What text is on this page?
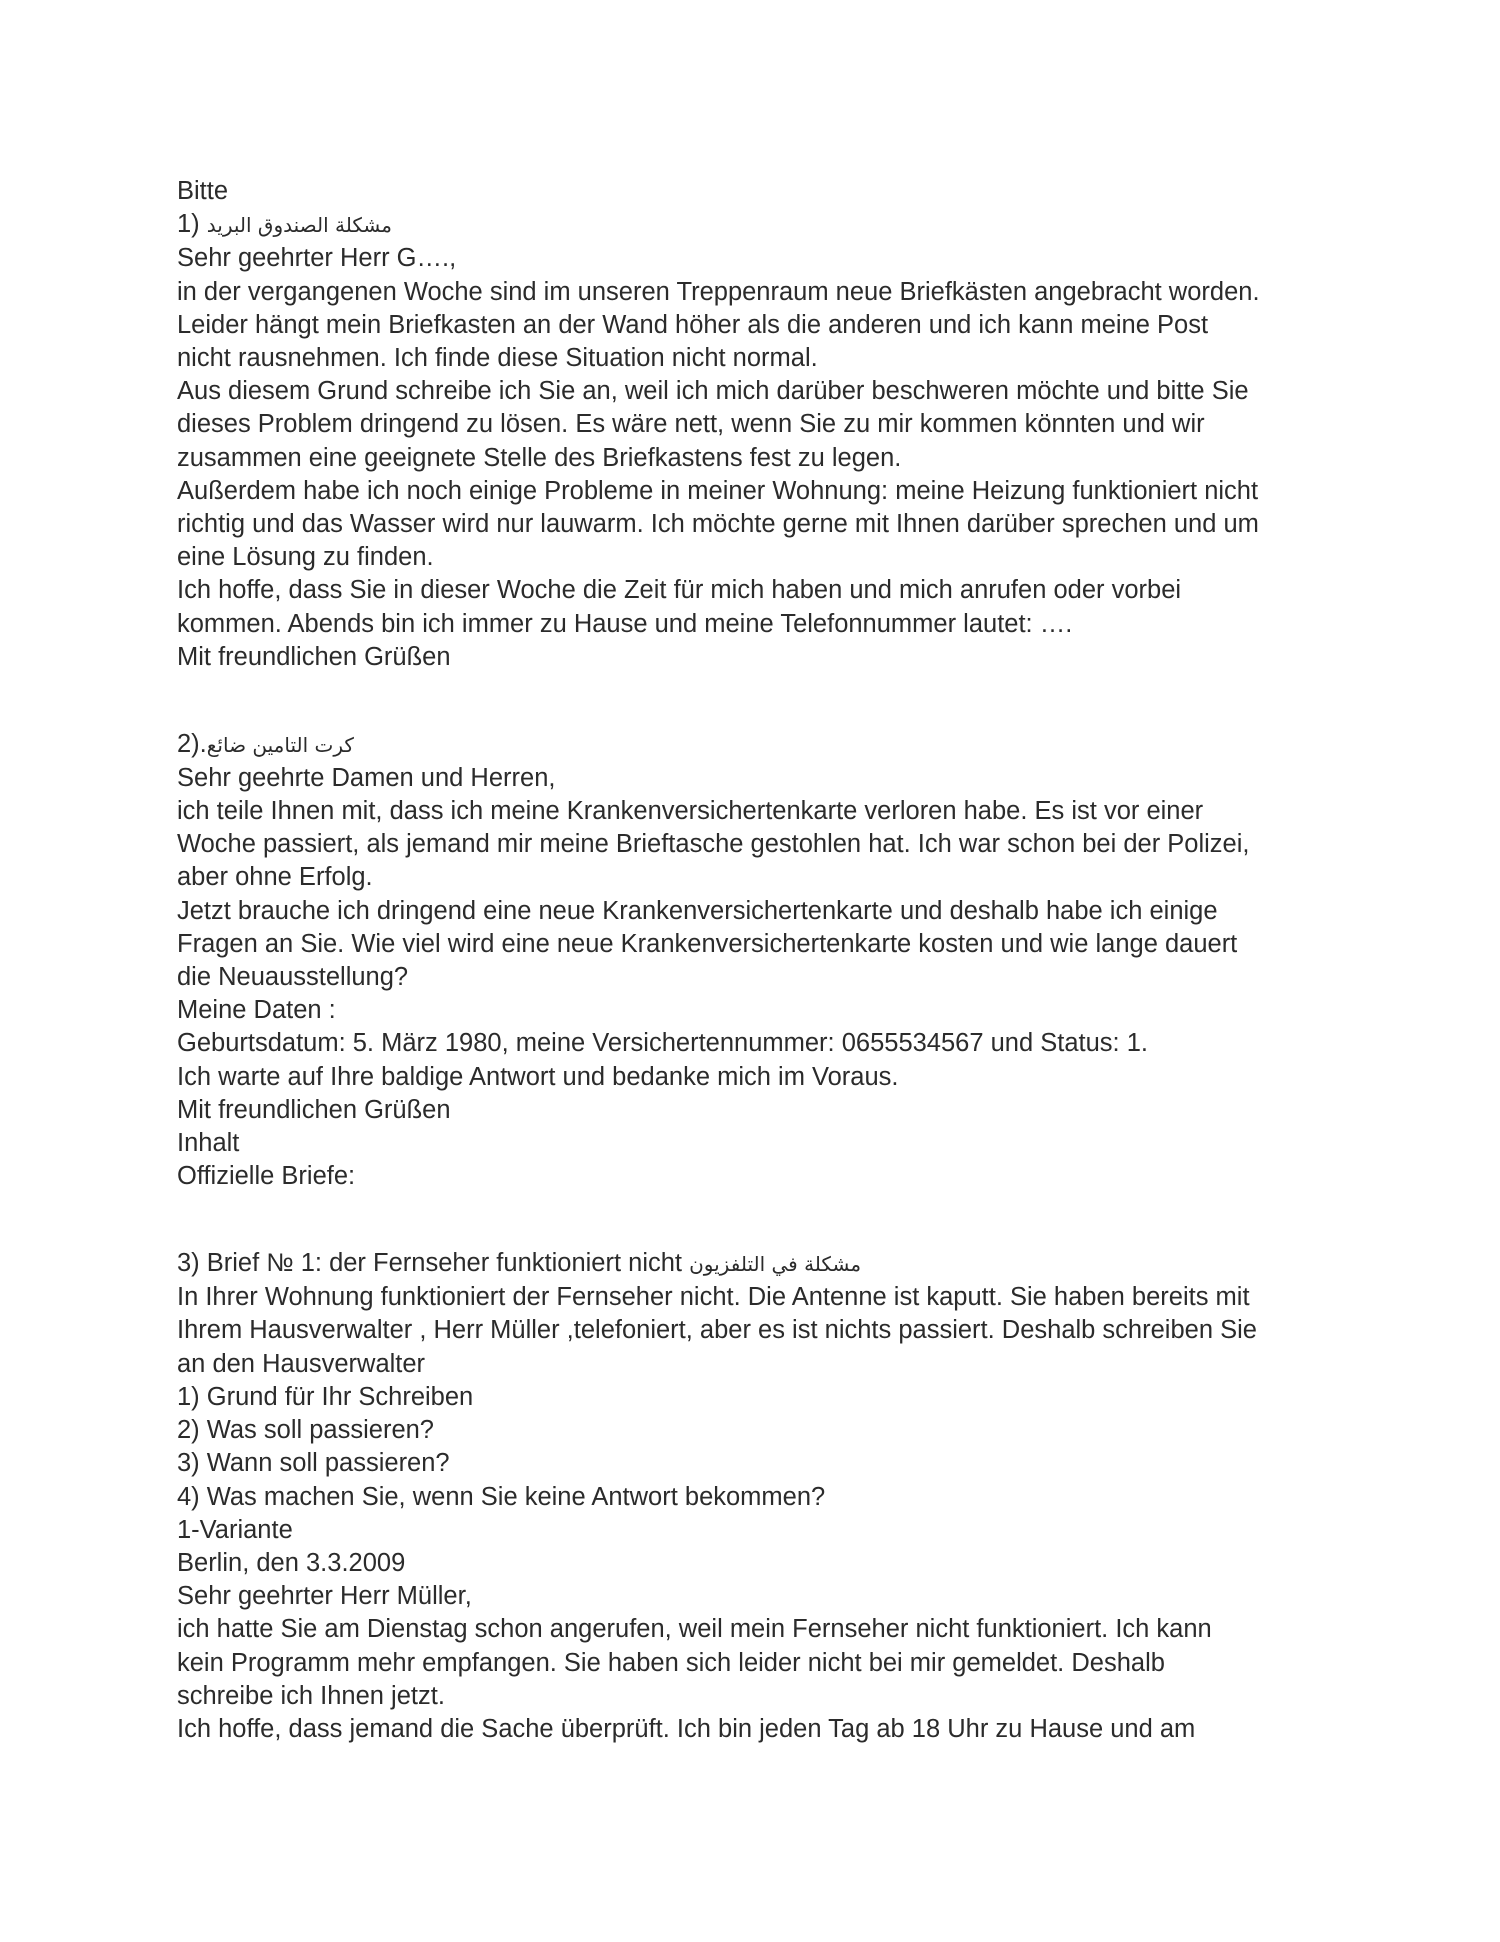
Bitte
1) مشكلة الصندوق البريد
Sehr geehrter Herr G….,
in der vergangenen Woche sind im unseren Treppenraum neue Briefkästen angebracht worden.
Leider hängt mein Briefkasten an der Wand höher als die anderen und ich kann meine Post
nicht rausnehmen. Ich finde diese Situation nicht normal.
Aus diesem Grund schreibe ich Sie an, weil ich mich darüber beschweren möchte und bitte Sie
dieses Problem dringend zu lösen. Es wäre nett, wenn Sie zu mir kommen könnten und wir
zusammen eine geeignete Stelle des Briefkastens fest zu legen.
Außerdem habe ich noch einige Probleme in meiner Wohnung: meine Heizung funktioniert nicht
richtig und das Wasser wird nur lauwarm. Ich möchte gerne mit Ihnen darüber sprechen und um
eine Lösung zu finden.
Ich hoffe, dass Sie in dieser Woche die Zeit für mich haben und mich anrufen oder vorbei
kommen. Abends bin ich immer zu Hause und meine Telefonnummer lautet: ….
Mit freundlichen Grüßen
2).كرت التامين ضائع
Sehr geehrte Damen und Herren,
ich teile Ihnen mit, dass ich meine Krankenversichertenkarte verloren habe. Es ist vor einer
Woche passiert, als jemand mir meine Brieftasche gestohlen hat. Ich war schon bei der Polizei,
aber ohne Erfolg.
Jetzt brauche ich dringend eine neue Krankenversichertenkarte und deshalb habe ich einige
Fragen an Sie. Wie viel wird eine neue Krankenversichertenkarte kosten und wie lange dauert
die Neuausstellung?
Meine Daten :
Geburtsdatum: 5. März 1980, meine Versichertennummer: 0655534567 und Status: 1.
Ich warte auf Ihre baldige Antwort und bedanke mich im Voraus.
Mit freundlichen Grüßen
Inhalt
Offizielle Briefe:
3) Brief № 1: der Fernseher funktioniert nicht مشكلة في التلفزيون
In Ihrer Wohnung funktioniert der Fernseher nicht. Die Antenne ist kaputt. Sie haben bereits mit
Ihrem Hausverwalter , Herr Müller ,telefoniert, aber es ist nichts passiert. Deshalb schreiben Sie
an den Hausverwalter
1) Grund für Ihr Schreiben
2) Was soll passieren?
3) Wann soll passieren?
4) Was machen Sie, wenn Sie keine Antwort bekommen?
1-Variante
Berlin, den 3.3.2009
Sehr geehrter Herr Müller,
ich hatte Sie am Dienstag schon angerufen, weil mein Fernseher nicht funktioniert. Ich kann
kein Programm mehr empfangen. Sie haben sich leider nicht bei mir gemeldet. Deshalb
schreibe ich Ihnen jetzt.
Ich hoffe, dass jemand die Sache überprüft. Ich bin jeden Tag ab 18 Uhr zu Hause und am
